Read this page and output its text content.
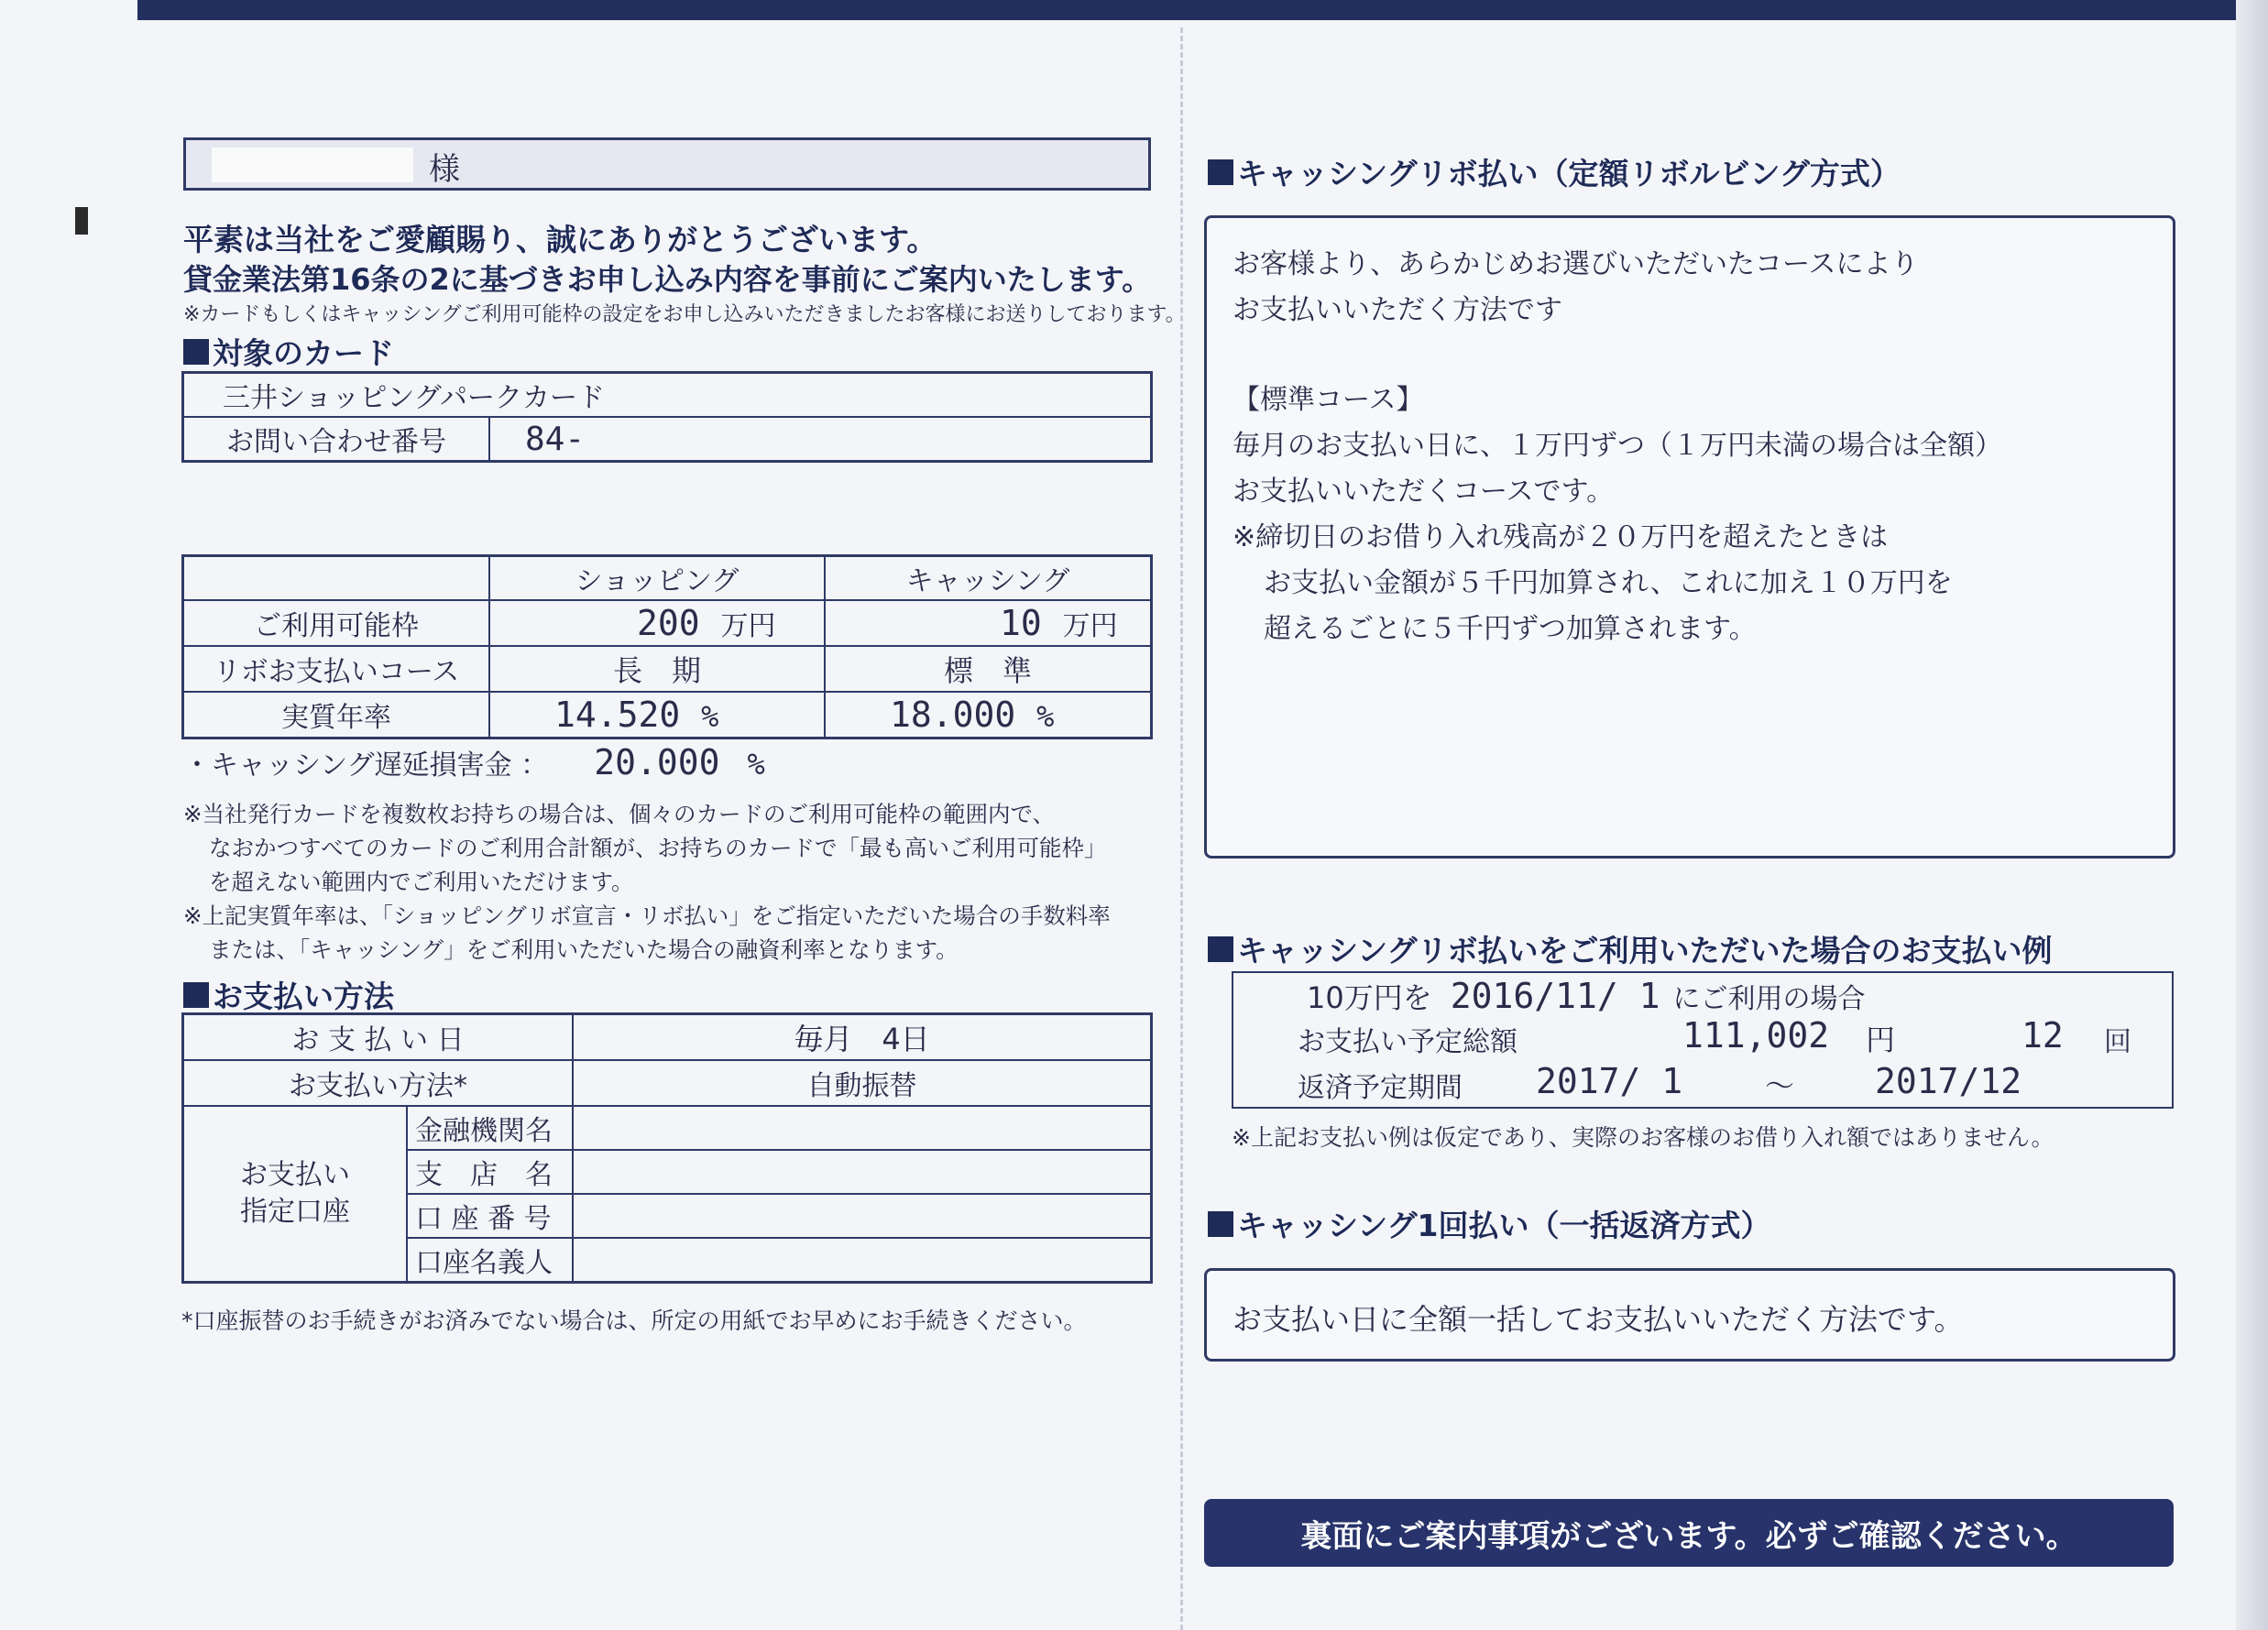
様
平素は当社をご愛顧賜り、誠にありがとうございます。
貸金業法第16条の2に基づきお申し込み内容を事前にご案内いたします。
※カードもしくはキャッシングご利用可能枠の設定をお申し込みいただきましたお客様にお送りしております。
対象のカード
三井ショッピングパークカード
お問い合わせ番号	84-
	ショッピング	キャッシング
ご利用可能枠	200 万円	10 万円
リボお支払いコース	長　期	標　準
実質年率	14.520 %	18.000 %
・キャッシング遅延損害金 ： 20.000 %
※当社発行カードを複数枚お持ちの場合は、個々のカードのご利用可能枠の範囲内で、
なおかつすべてのカードのご利用合計額が、お持ちのカードで「最も高いご利用可能枠」
を超えない範囲内でご利用いただけます。
※上記実質年率は、「ショッピングリボ宣言・リボ払い」をご指定いただいた場合の手数料率
または、「キャッシング」をご利用いただいた場合の融資利率となります。
お支払い方法
お 支 払 い 日		毎月　4日
お支払い方法*		自動振替

お支払い
指定口座	金融機関名	
	支　店　名	
	口 座 番 号	
	口座名義人	
*口座振替のお手続きがお済みでない場合は、所定の用紙でお早めにお手続きください。
キャッシングリボ払い（定額リボルビング方式）
お客様より、あらかじめお選びいただいたコースにより
お支払いいただく方法です
【標準コース】
毎月のお支払い日に、１万円ずつ（１万円未満の場合は全額）
お支払いいただくコースです。
※締切日のお借り入れ残高が２０万円を超えたときは
お支払い金額が５千円加算され、これに加え１０万円を
超えるごとに５千円ずつ加算されます。
キャッシングリボ払いをご利用いただいた場合のお支払い例
10万円を 2016/11/ 1 にご利用の場合
お支払い予定総額	111,002 円	12 回
返済予定期間 2017/ 1	～ 2017/12
※上記お支払い例は仮定であり、実際のお客様のお借り入れ額ではありません。
キャッシング1回払い（一括返済方式）
お支払い日に全額一括してお支払いいただく方法です。
裏面にご案内事項がございます。必ずご確認ください。
